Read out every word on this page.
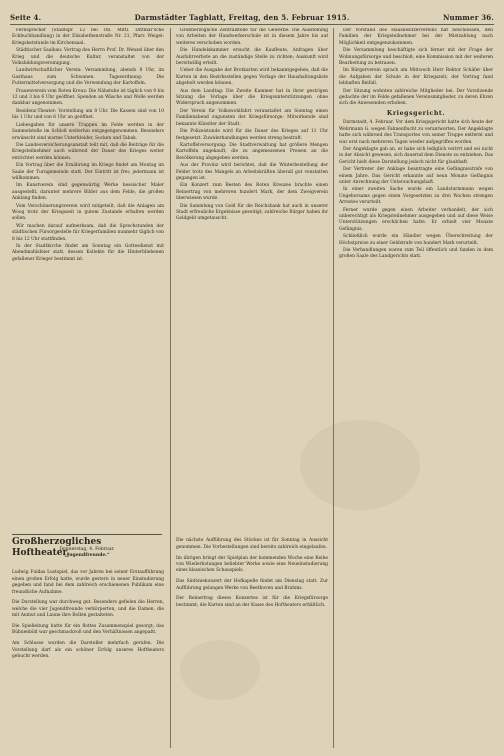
Seite 4.	Darmstädter Tagblatt, Freitag, den 5. Februar 1915.	Nummer 36.

Fernsprecher (Stadtspr. 12 bei Ob. Mittl. Dittmar'sche Eckbuchhandlung) in der Elisabethenstraße Nr. 21, Pfarr. Weigel: Kriegsbetstunde im Kirchensaal.

Städtischer Saalbau: Vortrag des Herrn Prof. Dr. Wenzel über den Krieg und die deutsche Kultur, veranstaltet von der Volksbildungsvereinigung.

Landwirtschaftlicher Verein: Versammlung, abends 8 Uhr, im Gasthaus zum Schwanen. Tagesordnung: Die Futtermittelversorgung und die Verwendung der Kartoffeln.

Frauenverein vom Roten Kreuz: Die Nähstube ist täglich von 9 bis 12 und 3 bis 6 Uhr geöffnet. Spenden an Wäsche und Wolle werden dankbar angenommen.

Residenz-Theater: Vorstellung um 8 Uhr. Die Kassen sind von 10 bis 1 Uhr und von 6 Uhr an geöffnet.

Liebesgaben für unsere Truppen im Felde werden in der Sammelstelle im Schloß weiterhin entgegengenommen. Besonders erwünscht sind warme Unterkleider, Socken und Tabak.

Die Landesversicherungsanstalt teilt mit, daß die Beiträge für die Kriegsteilnehmer auch während der Dauer des Krieges weiter entrichtet werden können.

Ein Vortrag über die Ernährung im Kriege findet am Montag im Saale der Turngemeinde statt. Der Eintritt ist frei; jedermann ist willkommen.

Im Kunstverein sind gegenwärtig Werke hessischer Maler ausgestellt, darunter mehrere Bilder aus dem Felde, die großen Anklang finden.

Vom Verschönerungsverein wird mitgeteilt, daß die Anlagen am Woog trotz der Kriegszeit in gutem Zustande erhalten werden sollen.

Wir machen darauf aufmerksam, daß die Sprechstunden der städtischen Fürsorgestelle für Kriegerfamilien nunmehr täglich von 8 bis 12 Uhr stattfinden.

In der Stadtkirche findet am Sonntag ein Gottesdienst mit Abendmahlsfeier statt, dessen Kollekte für die Hinterbliebenen gefallener Krieger bestimmt ist.

Großherzogliche Zentralstelle für die Gewerbe: Die Ausstellung von Arbeiten der Handwerkerschule ist in diesem Jahre bis auf weiteres verschoben worden.

Die Handelskammer ersucht die Kaufleute, Anfragen über Ausfuhrverbote an die zuständige Stelle zu richten; Auskunft wird bereitwillig erteilt.

Ueber die Ausgabe der Brotkarten wird bekanntgegeben, daß die Karten in den Bezirksstellen gegen Vorlage der Haushaltungsliste abgeholt werden können.

Aus dem Landtag: Die Zweite Kammer hat in ihrer gestrigen Sitzung die Vorlage über die Kriegsunterstützungen ohne Widerspruch angenommen.

Der Verein für Volkswohlfahrt veranstaltet am Sonntag einen Familienabend zugunsten der Kriegsfürsorge; Mitwirkende sind bekannte Künstler der Stadt.

Die Polizeistunde wird für die Dauer des Krieges auf 11 Uhr festgesetzt. Zuwiderhandlungen werden streng bestraft.

Kartoffelversorgung: Die Stadtverwaltung hat größere Mengen Kartoffeln angekauft, die zu angemessenen Preisen an die Bevölkerung abgegeben werden.

Aus der Provinz wird berichtet, daß die Winterbestellung der Felder trotz des Mangels an Arbeitskräften überall gut vonstatten gegangen ist.

Ein Konzert zum Besten des Roten Kreuzes brachte einen Reinertrag von mehreren hundert Mark, der dem Zweigverein überwiesen wurde.

Die Sammlung von Gold für die Reichsbank hat auch in unserer Stadt erfreuliche Ergebnisse gezeitigt; zahlreiche Bürger haben ihr Goldgeld umgetauscht.

Der Vorstand des Hausbesitzervereins hat beschlossen, den Familien der Kriegsteilnehmer bei der Mietzahlung nach Möglichkeit entgegenzukommen.

Die Versammlung beschäftigte sich ferner mit der Frage der Wohnungsfürsorge und beschloß, eine Kommission mit der weiteren Bearbeitung zu betrauen.

Im Bürgerverein sprach am Mittwoch Herr Rektor Schäfer über die Aufgaben der Schule in der Kriegszeit; der Vortrag fand lebhaften Beifall.

Der Sitzung wohnten zahlreiche Mitglieder bei. Der Vorsitzende gedachte der im Felde gefallenen Vereinsmitglieder, zu deren Ehren sich die Anwesenden erhoben.

Kriegsgericht.

Darmstadt, 4. Februar. Vor dem Kriegsgericht hatte sich heute der Wehrmann G. wegen Fahnenflucht zu verantworten. Der Angeklagte hatte sich während des Transportes von seiner Truppe entfernt und war erst nach mehreren Tagen wieder aufgegriffen worden.

Der Angeklagte gab an, er habe sich lediglich verirrt und sei nicht in der Absicht gewesen, sich dauernd dem Dienste zu entziehen. Das Gericht hielt diese Darstellung jedoch nicht für glaubhaft.

Der Vertreter der Anklage beantragte eine Gefängnisstrafe von einem Jahre. Das Gericht erkannte auf neun Monate Gefängnis unter Anrechnung der Untersuchungshaft.

In einer zweiten Sache wurde ein Landsturmmann wegen Ungehorsams gegen einen Vorgesetzten zu drei Wochen strengen Arrestes verurteilt.

Ferner wurde gegen einen Arbeiter verhandelt, der sich unberechtigt als Kriegsteilnehmer ausgegeben und auf diese Weise Unterstützungen erschlichen hatte. Er erhielt vier Monate Gefängnis.

Schließlich wurde ein Händler wegen Überschreitung der Höchstpreise zu einer Geldstrafe von hundert Mark verurteilt.

Die Verhandlungen waren zum Teil öffentlich und fanden in dem großen Saale des Landgerichts statt.

Großherzogliches Hoftheater.
Donnerstag, 4. Februar.
„Jugendfreunde.“

Ludwig Fuldas Lustspiel, das vor Jahren bei seiner Erstaufführung einen großen Erfolg hatte, wurde gestern in neuer Einstudierung gegeben und fand bei dem zahlreich erschienenen Publikum eine freundliche Aufnahme.

Die Darstellung war durchweg gut. Besonders gefielen die Herren, welche die vier Jugendfreunde verkörperten, und die Damen, die mit Anmut und Laune ihre Rollen gestalteten.

Die Spielleitung hatte für ein flottes Zusammenspiel gesorgt; das Bühnenbild war geschmackvoll und den Verhältnissen angepaßt.

Am Schlusse wurden die Darsteller mehrfach gerufen. Die Vorstellung darf als ein schöner Erfolg unseres Hoftheaters gebucht werden.

Die nächste Aufführung des Stückes ist für Sonntag in Aussicht genommen. Die Vorbestellungen sind bereits zahlreich eingelaufen.

Im übrigen bringt der Spielplan der kommenden Woche eine Reihe von Wiederholungen beliebter Werke sowie eine Neueinstudierung eines klassischen Schauspiels.

Das Sinfoniekonzert der Hofkapelle findet am Dienstag statt. Zur Aufführung gelangen Werke von Beethoven und Brahms.

Der Reinertrag dieses Konzertes ist für die Kriegsfürsorge bestimmt; die Karten sind an der Kasse des Hoftheaters erhältlich.
